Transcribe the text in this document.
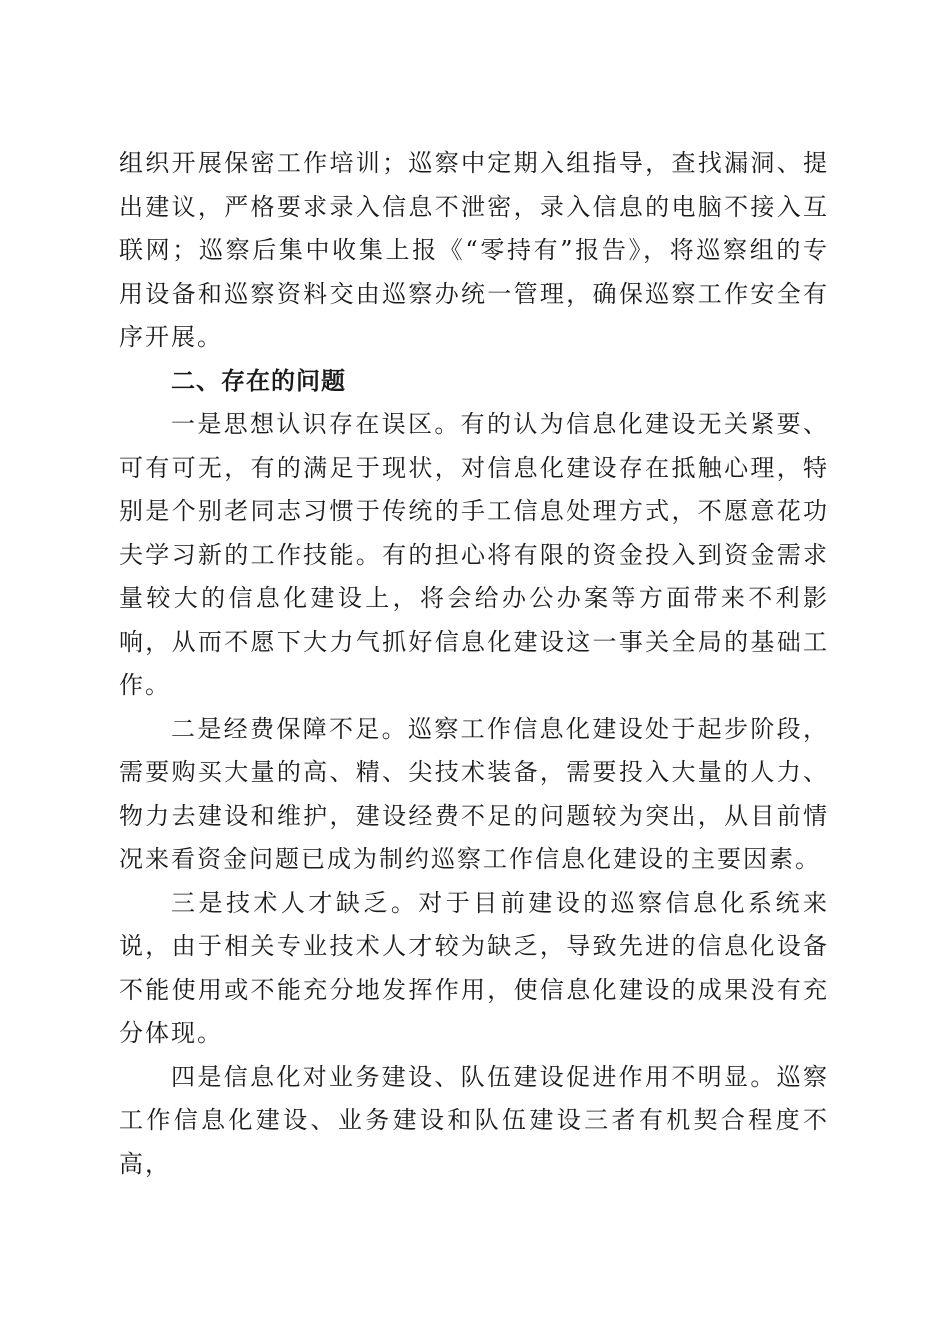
组织开展保密工作培训；巡察中定期入组指导，查找漏洞、提出建议，严格要求录入信息不泄密，录入信息的电脑不接入互联网；巡察后集中收集上报《“零持有”报告》，将巡察组的专用设备和巡察资料交由巡察办统一管理，确保巡察工作安全有序开展。

二、存在的问题

一是思想认识存在误区。有的认为信息化建设无关紧要、可有可无，有的满足于现状，对信息化建设存在抵触心理，特别是个别老同志习惯于传统的手工信息处理方式，不愿意花功夫学习新的工作技能。有的担心将有限的资金投入到资金需求量较大的信息化建设上，将会给办公办案等方面带来不利影响，从而不愿下大力气抓好信息化建设这一事关全局的基础工作。

二是经费保障不足。巡察工作信息化建设处于起步阶段，需要购买大量的高、精、尖技术装备，需要投入大量的人力、物力去建设和维护，建设经费不足的问题较为突出，从目前情况来看资金问题已成为制约巡察工作信息化建设的主要因素。

三是技术人才缺乏。对于目前建设的巡察信息化系统来说，由于相关专业技术人才较为缺乏，导致先进的信息化设备不能使用或不能充分地发挥作用，使信息化建设的成果没有充分体现。

四是信息化对业务建设、队伍建设促进作用不明显。巡察工作信息化建设、业务建设和队伍建设三者有机契合程度不高，
